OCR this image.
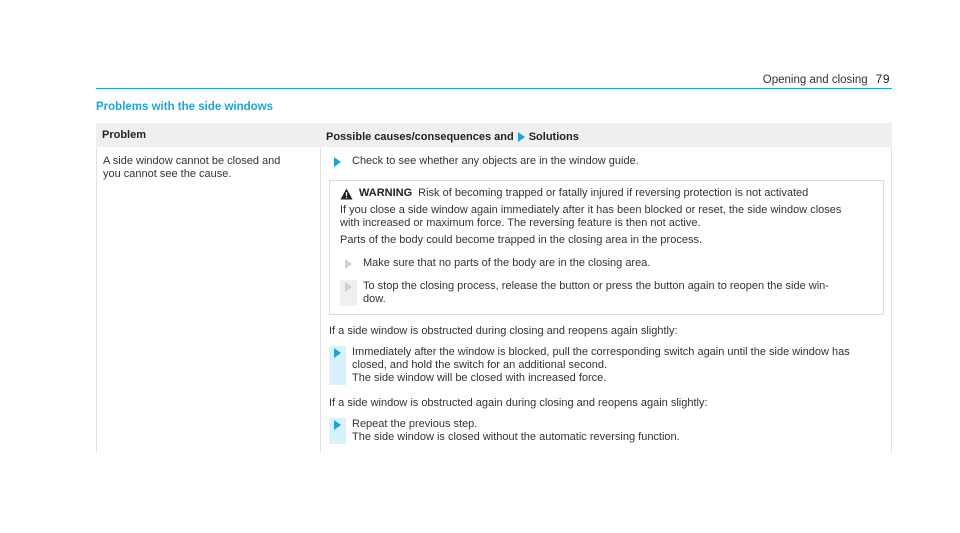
Opening and closing 79
Problems with the side windows
Problem	Possible causes/consequences and Solutions
A side window cannot be closed and
you cannot see the cause.
Check to see whether any objects are in the window guide.
WARNING Risk of becoming trapped or fatally injured if reversing protection is not activated
If you close a side window again immediately after it has been blocked or reset, the side window closes
with increased or maximum force. The reversing feature is then not active.
Parts of the body could become trapped in the closing area in the process.
Make sure that no parts of the body are in the closing area.
To stop the closing process, release the button or press the button again to reopen the side win-
dow.
If a side window is obstructed during closing and reopens again slightly:
Immediately after the window is blocked, pull the corresponding switch again until the side window has
closed, and hold the switch for an additional second.
The side window will be closed with increased force.
If a side window is obstructed again during closing and reopens again slightly:
Repeat the previous step.
The side window is closed without the automatic reversing function.
